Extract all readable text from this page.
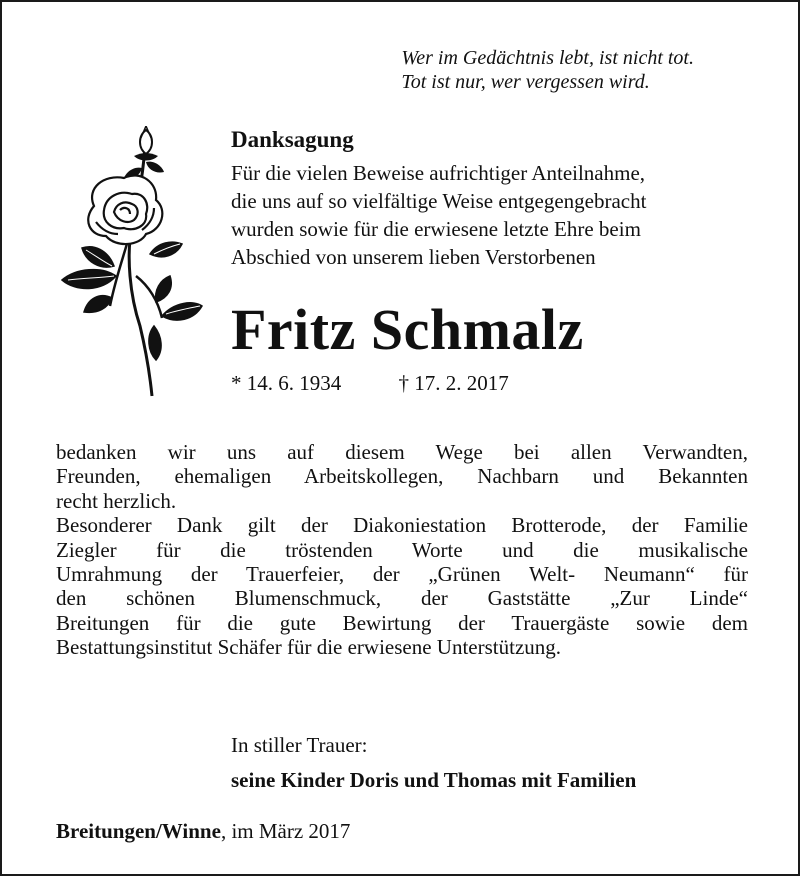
Wer im Gedächtnis lebt, ist nicht tot.
Tot ist nur, wer vergessen wird.
Danksagung
Für die vielen Beweise aufrichtiger Anteilnahme,
die uns auf so vielfältige Weise entgegengebracht
wurden sowie für die erwiesene letzte Ehre beim
Abschied von unserem lieben Verstorbenen
Fritz Schmalz
* 14. 6. 1934	† 17. 2. 2017
bedanken wir uns auf diesem Wege bei allen Verwandten,
Freunden, ehemaligen Arbeitskollegen, Nachbarn und Bekannten
recht herzlich.
Besonderer Dank gilt der Diakoniestation Brotterode, der Familie
Ziegler für die tröstenden Worte und die musikalische
Umrahmung der Trauerfeier, der „Grünen Welt- Neumann“ für
den schönen Blumenschmuck, der Gaststätte „Zur Linde“
Breitungen für die gute Bewirtung der Trauergäste sowie dem
Bestattungsinstitut Schäfer für die erwiesene Unterstützung.
In stiller Trauer:
seine Kinder Doris und Thomas mit Familien
Breitungen/Winne, im März 2017
